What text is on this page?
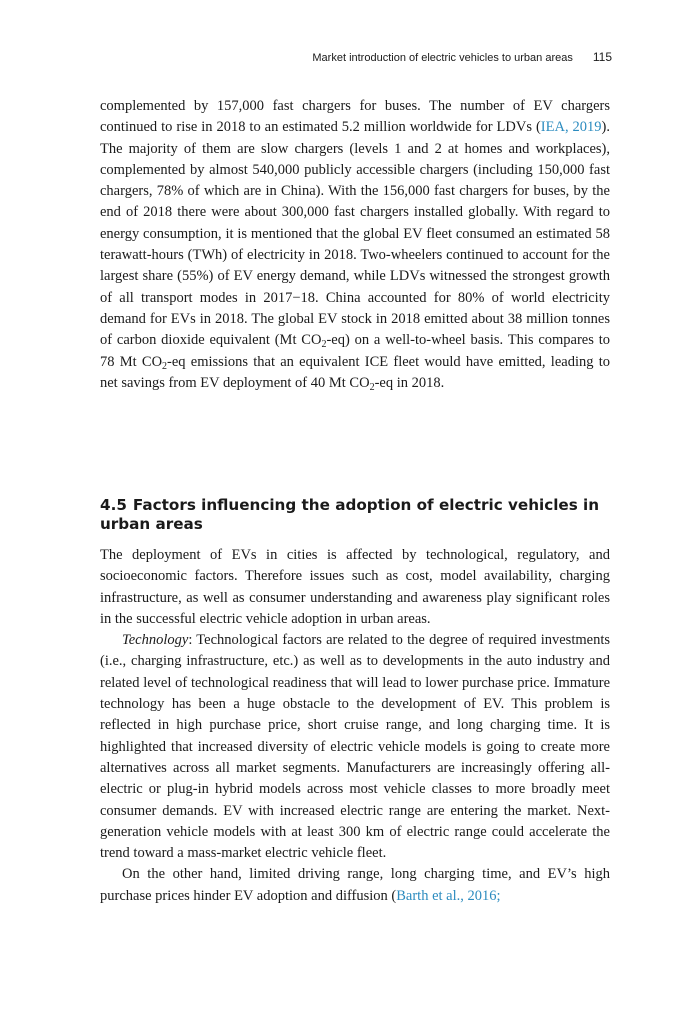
Market introduction of electric vehicles to urban areas 115

complemented by 157,000 fast chargers for buses. The number of EV chargers continued to rise in 2018 to an estimated 5.2 million worldwide for LDVs (IEA, 2019). The majority of them are slow chargers (levels 1 and 2 at homes and workplaces), complemented by almost 540,000 publicly accessible chargers (including 150,000 fast chargers, 78% of which are in China). With the 156,000 fast chargers for buses, by the end of 2018 there were about 300,000 fast chargers installed globally. With regard to energy consumption, it is mentioned that the global EV fleet consumed an estimated 58 terawatt-hours (TWh) of electricity in 2018. Two-wheelers continued to account for the largest share (55%) of EV energy demand, while LDVs witnessed the strongest growth of all transport modes in 2017−18. China accounted for 80% of world electricity demand for EVs in 2018. The global EV stock in 2018 emitted about 38 million tonnes of carbon dioxide equivalent (Mt $CO_2-eq$) on a well-to-wheel basis. This compares to 78 Mt $CO_2-eq$ emissions that an equivalent ICE fleet would have emitted, leading to net savings from EV deployment of 40 Mt $CO_2-eq$ in 2018.

4.5 Factors influencing the adoption of electric vehicles in urban areas

The deployment of EVs in cities is affected by technological, regulatory, and socioeconomic factors. Therefore issues such as cost, model availability, charging infrastructure, as well as consumer understanding and awareness play significant roles in the successful electric vehicle adoption in urban areas.

Technology: Technological factors are related to the degree of required investments (i.e., charging infrastructure, etc.) as well as to developments in the auto industry and related level of technological readiness that will lead to lower purchase price. Immature technology has been a huge obstacle to the development of EV. This problem is reflected in high purchase price, short cruise range, and long charging time. It is highlighted that increased diversity of electric vehicle models is going to create more alternatives across all market segments. Manufacturers are increasingly offering all-electric or plug-in hybrid models across most vehicle classes to more broadly meet consumer demands. EV with increased electric range are entering the market. Next-generation vehicle models with at least 300 km of electric range could accelerate the trend toward a mass-market electric vehicle fleet.

On the other hand, limited driving range, long charging time, and EV’s high purchase prices hinder EV adoption and diffusion (Barth et al., 2016;
